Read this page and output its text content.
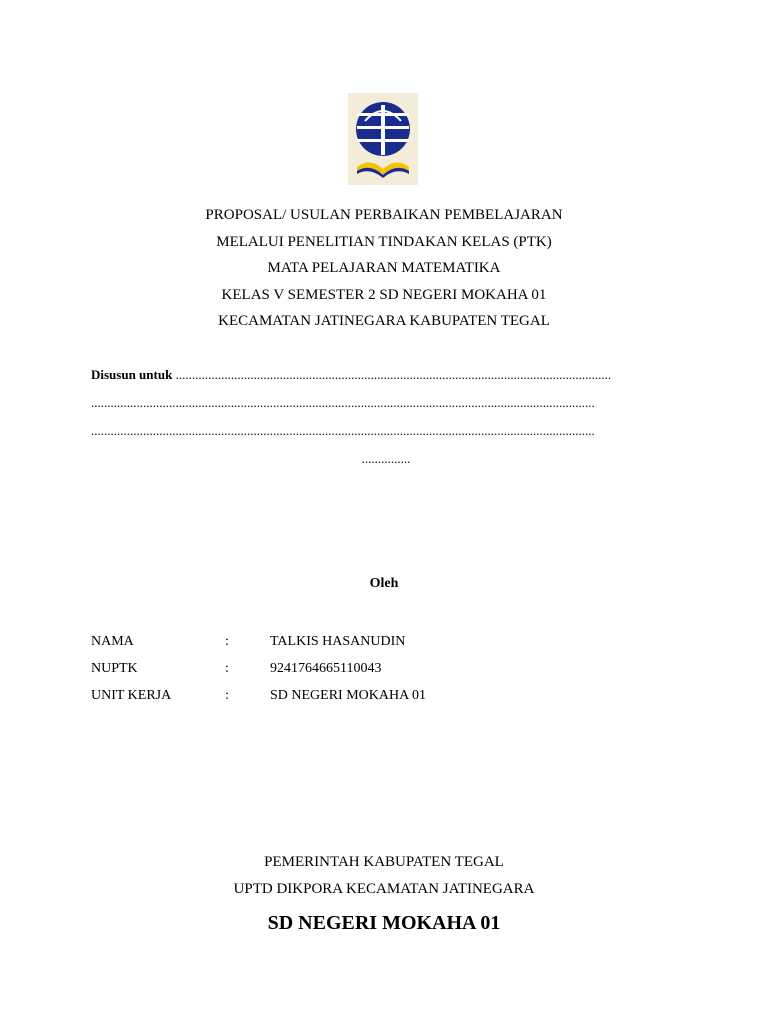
PROPOSAL/ USULAN PERBAIKAN PEMBELAJARAN
MELALUI PENELITIAN TINDAKAN KELAS (PTK)
MATA PELAJARAN MATEMATIKA
KELAS V SEMESTER 2 SD NEGERI MOKAHA 01
KECAMATAN JATINEGARA KABUPATEN TEGAL
Disusun untuk ......................................................................................................................................
...........................................................................................................................................................
...........................................................................................................................................................
...............
Oleh
NAMA	:	TALKIS HASANUDIN
NUPTK	:	9241764665110043
UNIT KERJA	:	SD NEGERI MOKAHA 01
PEMERINTAH KABUPATEN TEGAL
UPTD DIKPORA KECAMATAN JATINEGARA
SD NEGERI MOKAHA 01
